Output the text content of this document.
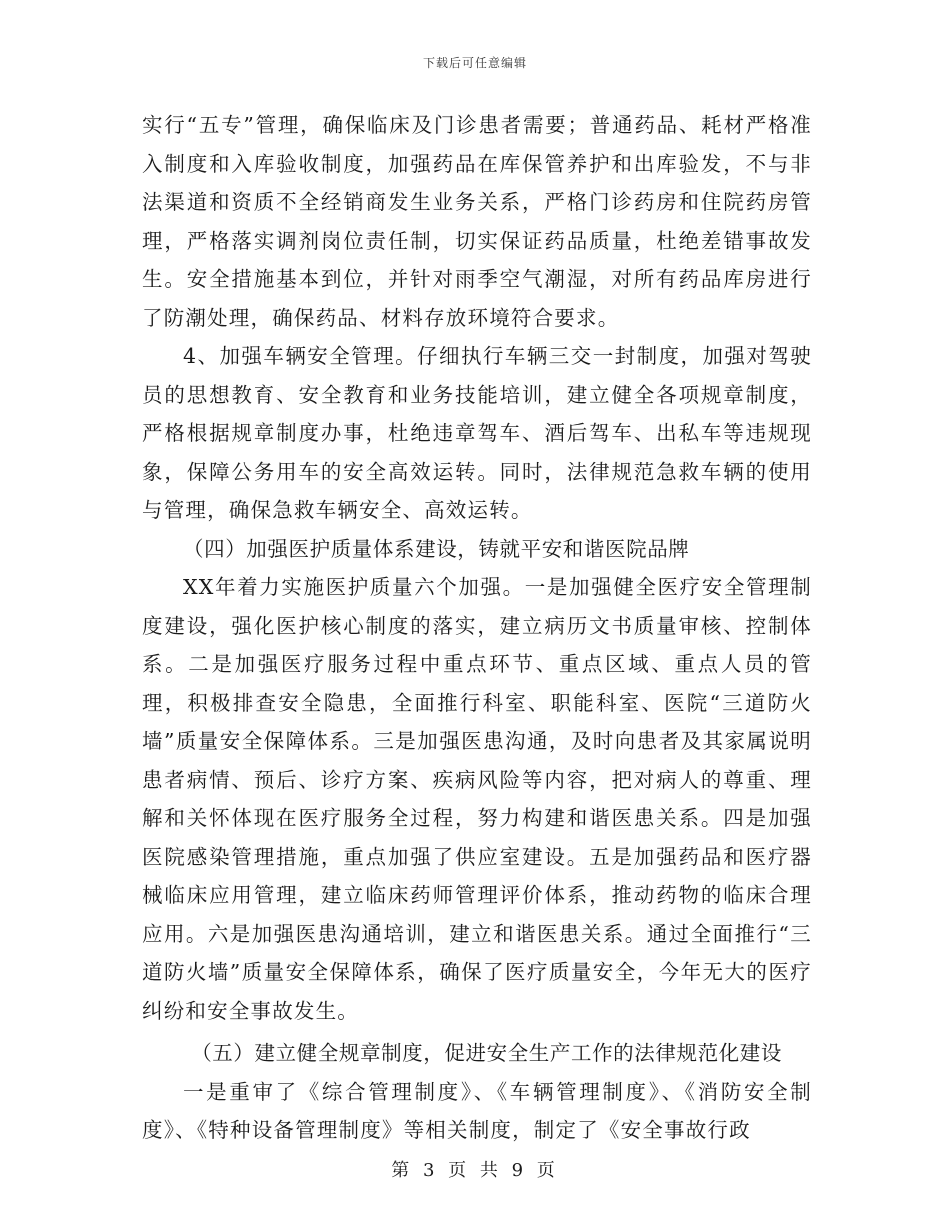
下载后可任意编辑

实行“五专”管理，确保临床及门诊患者需要；普通药品、耗材严格准入制度和入库验收制度，加强药品在库保管养护和出库验发，不与非法渠道和资质不全经销商发生业务关系，严格门诊药房和住院药房管理，严格落实调剂岗位责任制，切实保证药品质量，杜绝差错事故发生。安全措施基本到位，并针对雨季空气潮湿，对所有药品库房进行了防潮处理，确保药品、材料存放环境符合要求。

4、加强车辆安全管理。仔细执行车辆三交一封制度，加强对驾驶员的思想教育、安全教育和业务技能培训，建立健全各项规章制度，严格根据规章制度办事，杜绝违章驾车、酒后驾车、出私车等违规现象，保障公务用车的安全高效运转。同时，法律规范急救车辆的使用与管理，确保急救车辆安全、高效运转。

（四）加强医护质量体系建设，铸就平安和谐医院品牌

XX年着力实施医护质量六个加强。一是加强健全医疗安全管理制度建设，强化医护核心制度的落实，建立病历文书质量审核、控制体系。二是加强医疗服务过程中重点环节、重点区域、重点人员的管理，积极排查安全隐患，全面推行科室、职能科室、医院“三道防火墙”质量安全保障体系。三是加强医患沟通，及时向患者及其家属说明患者病情、预后、诊疗方案、疾病风险等内容，把对病人的尊重、理解和关怀体现在医疗服务全过程，努力构建和谐医患关系。四是加强医院感染管理措施，重点加强了供应室建设。五是加强药品和医疗器械临床应用管理，建立临床药师管理评价体系，推动药物的临床合理应用。六是加强医患沟通培训，建立和谐医患关系。通过全面推行“三道防火墙”质量安全保障体系，确保了医疗质量安全，今年无大的医疗纠纷和安全事故发生。

（五）建立健全规章制度，促进安全生产工作的法律规范化建设

一是重审了《综合管理制度》、《车辆管理制度》、《消防安全制度》、《特种设备管理制度》等相关制度，制定了《安全事故行政

第 3 页 共 9 页
